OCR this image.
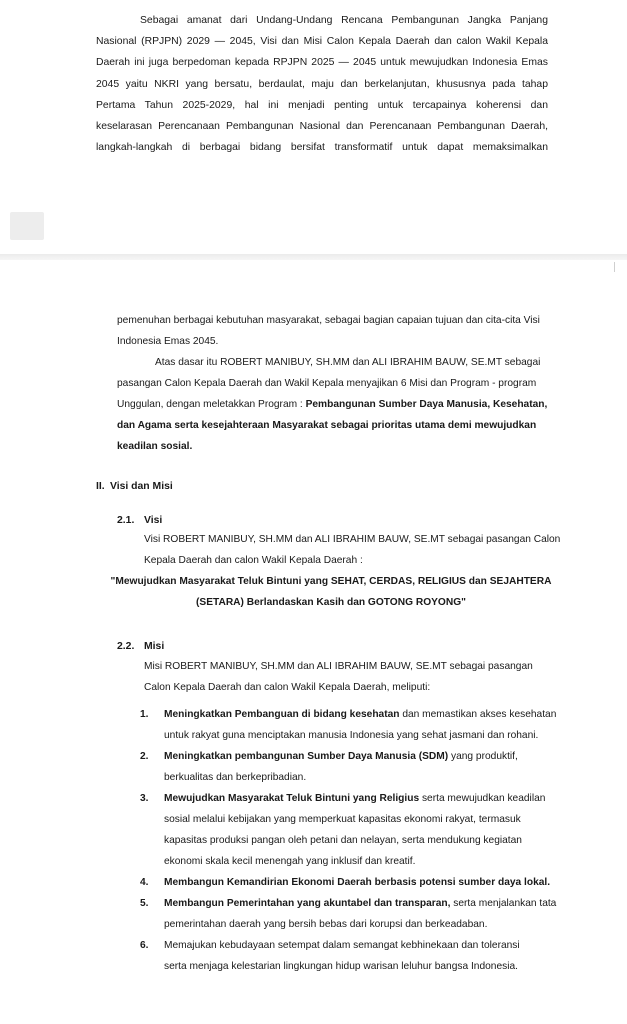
Sebagai amanat dari Undang-Undang Rencana Pembangunan Jangka Panjang
Nasional (RPJPN) 2029 — 2045, Visi dan Misi Calon Kepala Daerah dan calon Wakil Kepala
Daerah ini juga berpedoman kepada RPJPN 2025 — 2045 untuk mewujudkan Indonesia Emas
2045 yaitu NKRI yang bersatu, berdaulat, maju dan berkelanjutan, khususnya pada tahap
Pertama Tahun 2025-2029, hal ini menjadi penting untuk tercapainya koherensi dan
keselarasan Perencanaan Pembangunan Nasional dan Perencanaan Pembangunan Daerah,
langkah-langkah di berbagai bidang bersifat transformatif untuk dapat memaksimalkan
pemenuhan berbagai kebutuhan masyarakat, sebagai bagian capaian tujuan dan cita-cita Visi
Indonesia Emas 2045.
Atas dasar itu ROBERT MANIBUY, SH.MM dan ALI IBRAHIM BAUW, SE.MT sebagai
pasangan Calon Kepala Daerah dan Wakil Kepala menyajikan 6 Misi dan Program - program
Unggulan, dengan meletakkan Program : Pembangunan Sumber Daya Manusia, Kesehatan,
dan Agama serta kesejahteraan Masyarakat sebagai prioritas utama demi mewujudkan
keadilan sosial.
II. Visi dan Misi
2.1. Visi
Visi ROBERT MANIBUY, SH.MM dan ALI IBRAHIM BAUW, SE.MT sebagai pasangan Calon
Kepala Daerah dan calon Wakil Kepala Daerah :
"Mewujudkan Masyarakat Teluk Bintuni yang SEHAT, CERDAS, RELIGIUS dan SEJAHTERA
(SETARA) Berlandaskan Kasih dan GOTONG ROYONG"
2.2. Misi
Misi ROBERT MANIBUY, SH.MM dan ALI IBRAHIM BAUW, SE.MT sebagai pasangan
Calon Kepala Daerah dan calon Wakil Kepala Daerah, meliputi:
1. Meningkatkan Pembanguan di bidang kesehatan dan memastikan akses kesehatan
untuk rakyat guna menciptakan manusia Indonesia yang sehat jasmani dan rohani.
2. Meningkatkan pembangunan Sumber Daya Manusia (SDM) yang produktif,
berkualitas dan berkepribadian.
3. Mewujudkan Masyarakat Teluk Bintuni yang Religius serta mewujudkan keadilan
sosial melalui kebijakan yang memperkuat kapasitas ekonomi rakyat, termasuk
kapasitas produksi pangan oleh petani dan nelayan, serta mendukung kegiatan
ekonomi skala kecil menengah yang inklusif dan kreatif.
4. Membangun Kemandirian Ekonomi Daerah berbasis potensi sumber daya lokal.
5. Membangun Pemerintahan yang akuntabel dan transparan, serta menjalankan tata
pemerintahan daerah yang bersih bebas dari korupsi dan berkeadaban.
6. Memajukan kebudayaan setempat dalam semangat kebhinekaan dan toleransi
serta menjaga kelestarian lingkungan hidup warisan leluhur bangsa Indonesia.
